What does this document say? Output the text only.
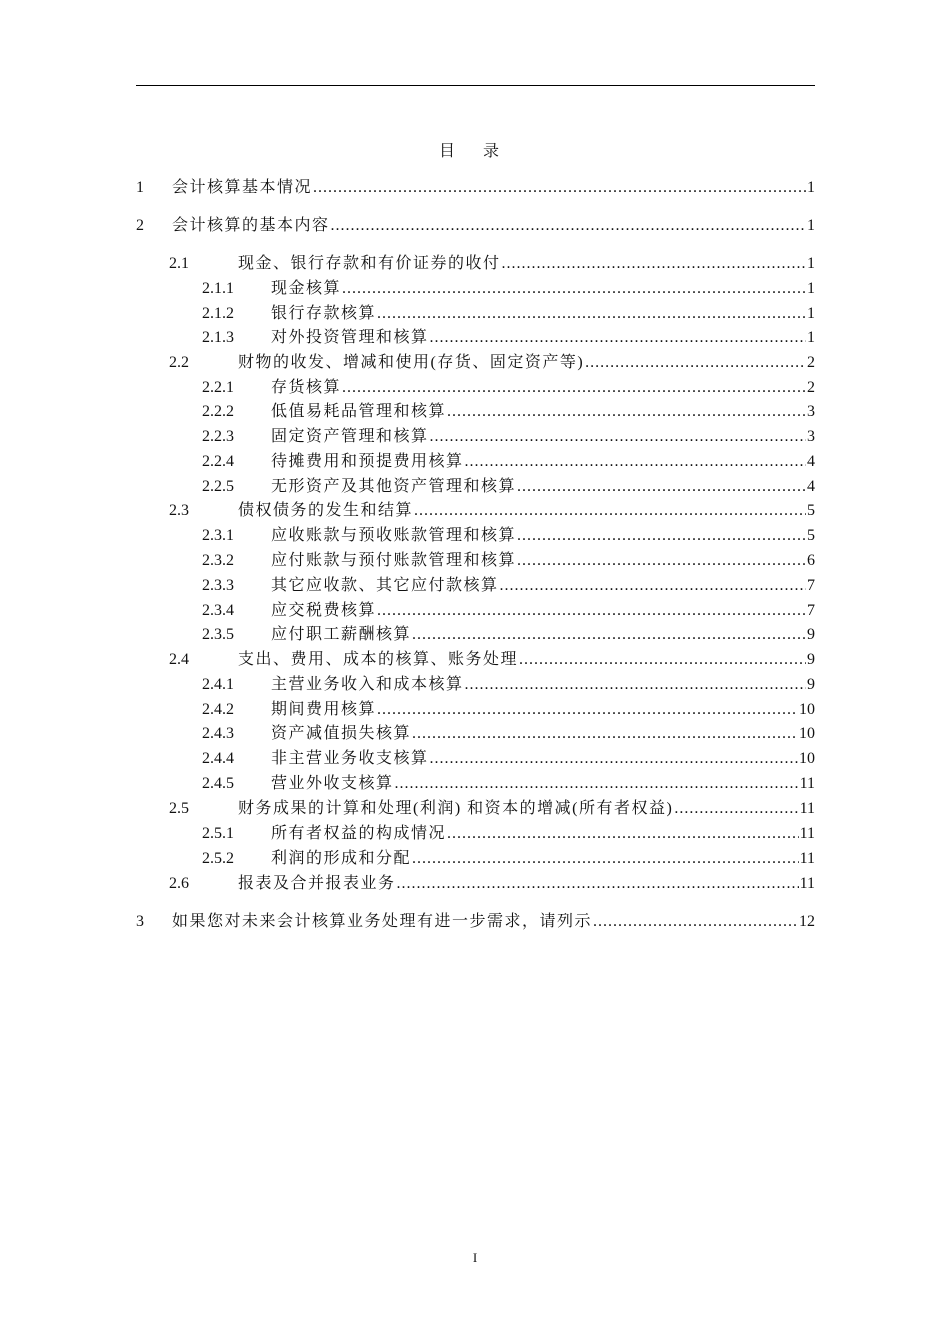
目 录
1	会计核算基本情况 .....	1
2	会计核算的基本内容 .....	1
2.1	现金、银行存款和有价证券的收付 .....	1
2.1.1	现金核算 .....	1
2.1.2	银行存款核算 .....	1
2.1.3	对外投资管理和核算 .....	1
2.2	财物的收发、增减和使用(存货、固定资产等) .....	2
2.2.1	存货核算 .....	2
2.2.2	低值易耗品管理和核算 .....	3
2.2.3	固定资产管理和核算 .....	3
2.2.4	待摊费用和预提费用核算 .....	4
2.2.5	无形资产及其他资产管理和核算 .....	4
2.3	债权债务的发生和结算 .....	5
2.3.1	应收账款与预收账款管理和核算 .....	5
2.3.2	应付账款与预付账款管理和核算 .....	6
2.3.3	其它应收款、其它应付款核算 .....	7
2.3.4	应交税费核算 .....	7
2.3.5	应付职工薪酬核算 .....	9
2.4	支出、费用、成本的核算、账务处理 .....	9
2.4.1	主营业务收入和成本核算 .....	9
2.4.2	期间费用核算 .....	10
2.4.3	资产减值损失核算 .....	10
2.4.4	非主营业务收支核算 .....	10
2.4.5	营业外收支核算 .....	11
2.5	财务成果的计算和处理(利润) 和资本的增减(所有者权益) .....	11
2.5.1	所有者权益的构成情况 .....	11
2.5.2	利润的形成和分配 .....	11
2.6	报表及合并报表业务 .....	11
3	如果您对未来会计核算业务处理有进一步需求，请列示 .....	12
I
